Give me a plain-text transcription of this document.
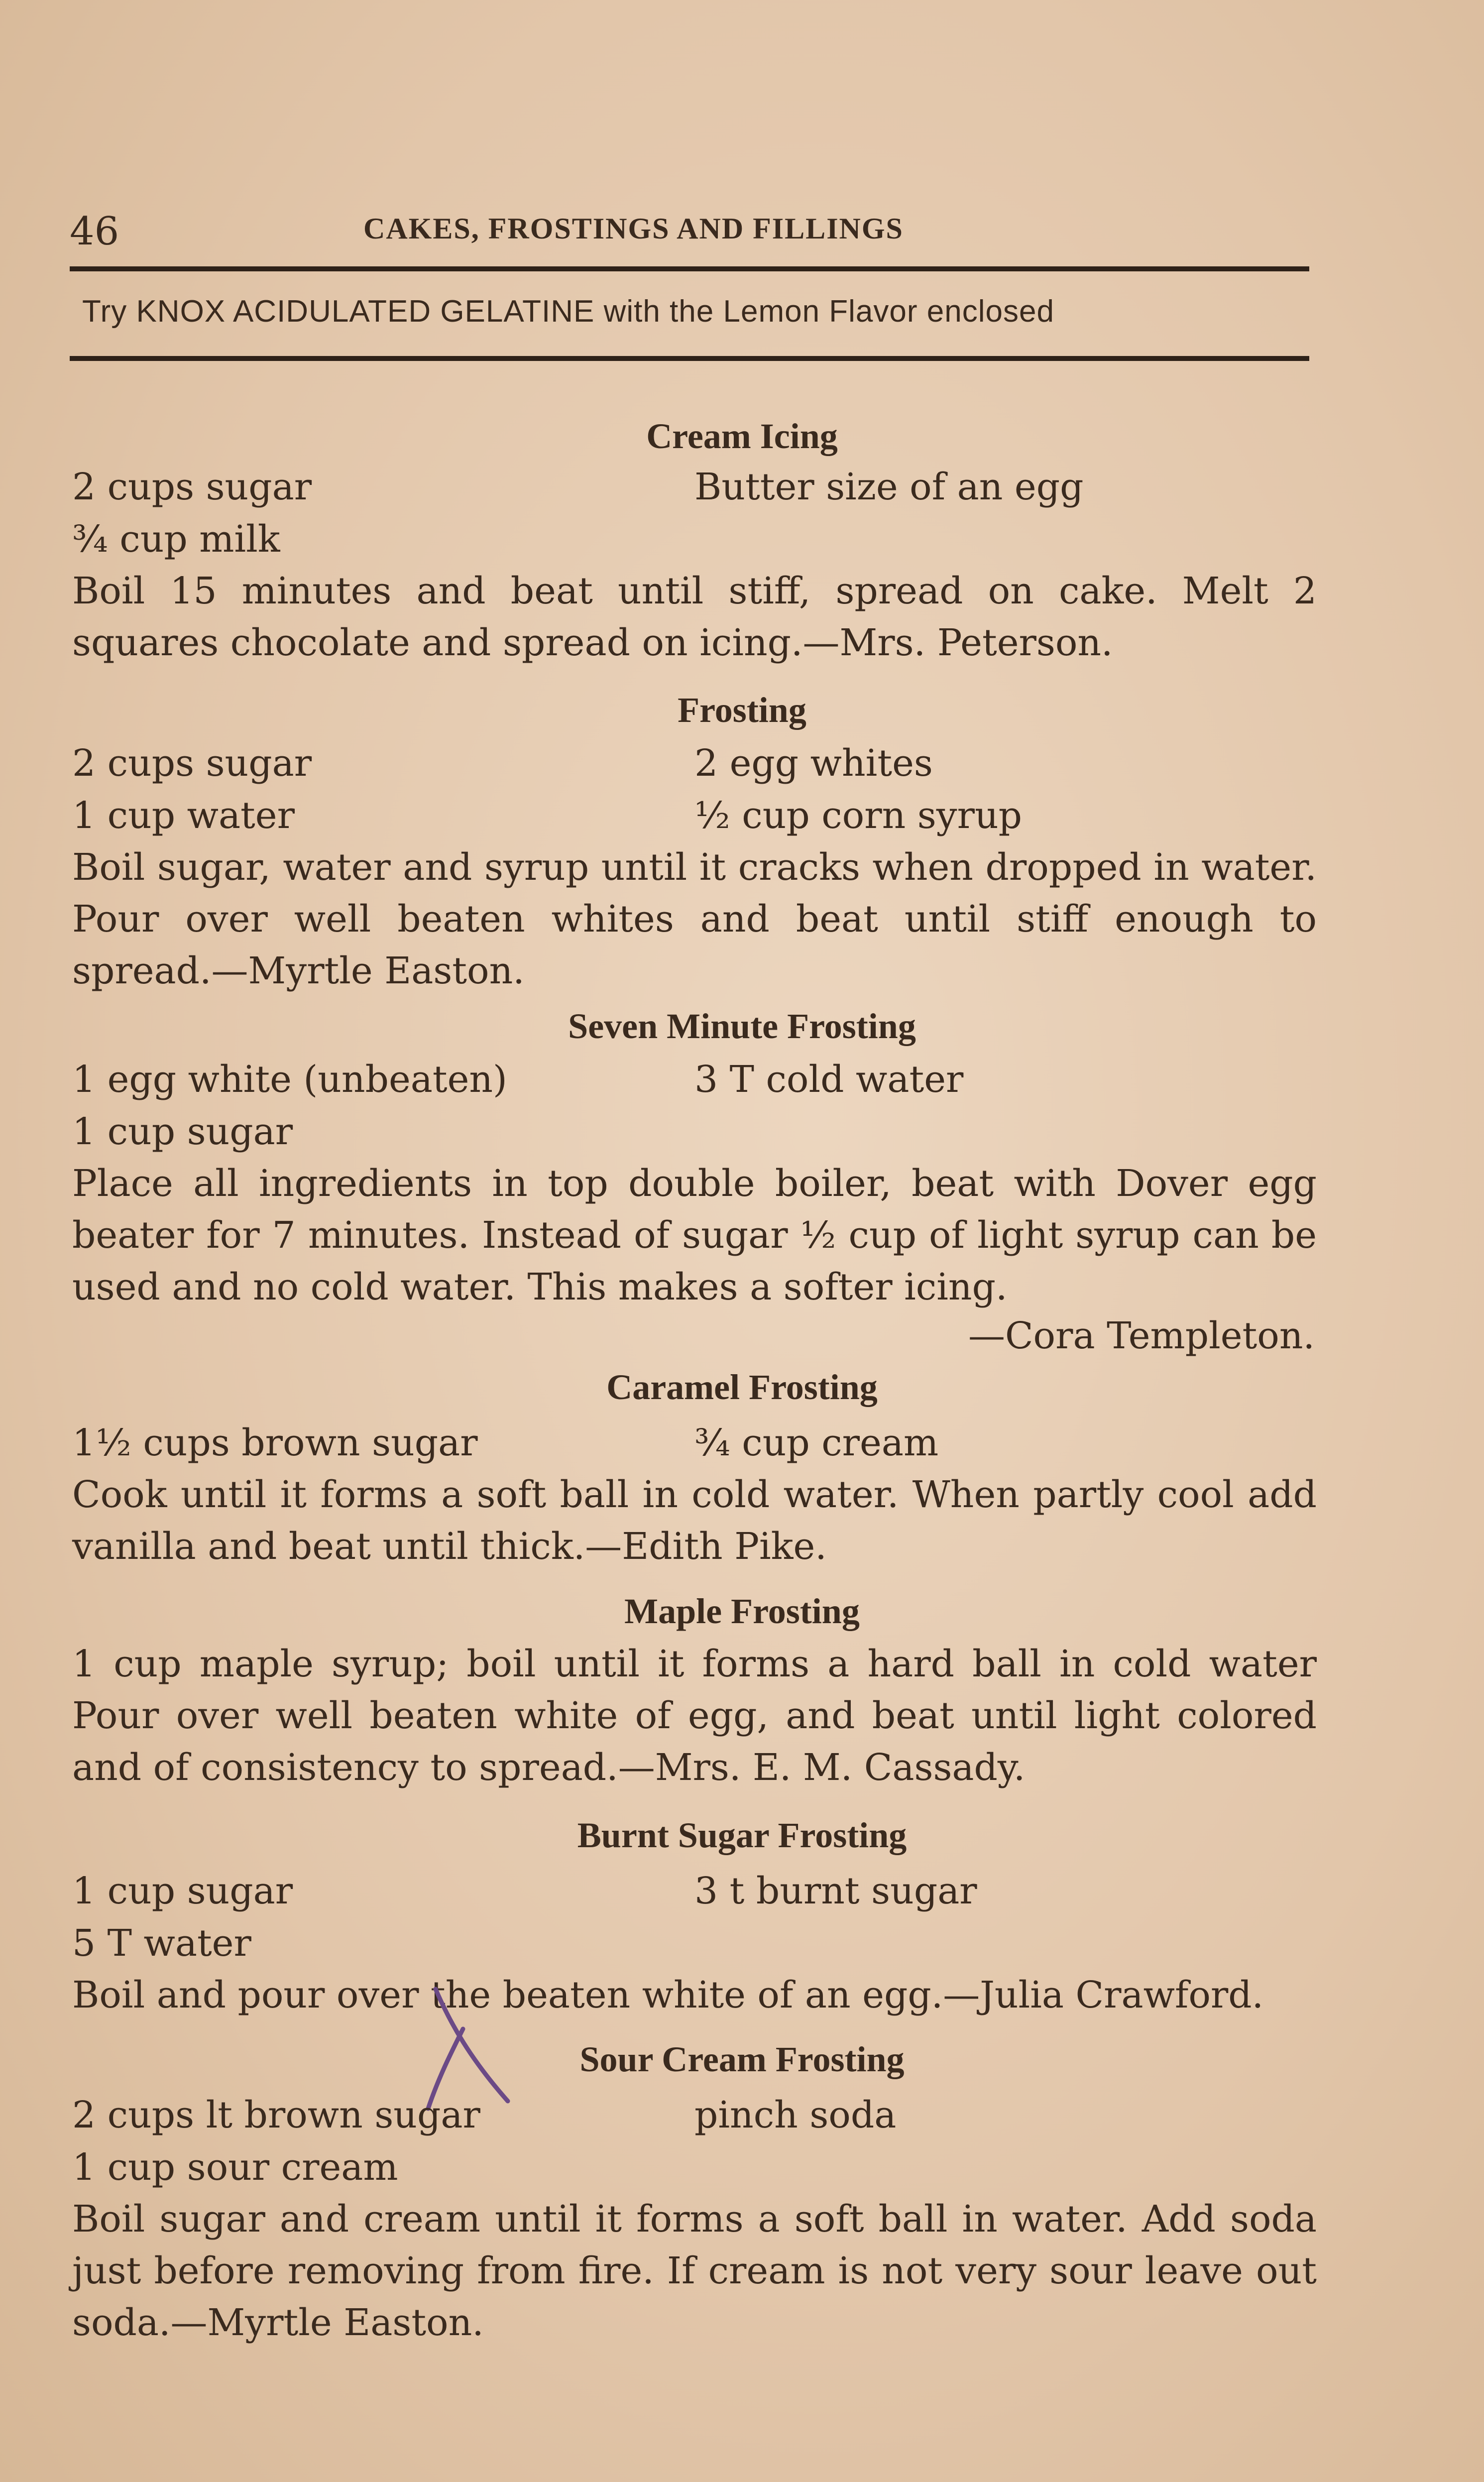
46	CAKES, FROSTINGS AND FILLINGS
Try KNOX ACIDULATED GELATINE with the Lemon Flavor enclosed
Cream Icing
2 cups sugar	Butter size of an egg
¾ cup milk
Boil 15 minutes and beat until stiff, spread on cake. Melt 2 squares chocolate and spread on icing.—Mrs. Peterson.
Frosting
2 cups sugar	2 egg whites
1 cup water	½ cup corn syrup
Boil sugar, water and syrup until it cracks when dropped in water. Pour over well beaten whites and beat until stiff enough to spread.—Myrtle Easton.
Seven Minute Frosting
1 egg white (unbeaten)	3 T cold water
1 cup sugar
Place all ingredients in top double boiler, beat with Dover egg beater for 7 minutes. Instead of sugar ½ cup of light syrup can be used and no cold water. This makes a softer icing.
—Cora Templeton.
Caramel Frosting
1½ cups brown sugar	¾ cup cream
Cook until it forms a soft ball in cold water. When partly cool add vanilla and beat until thick.—Edith Pike.
Maple Frosting
1 cup maple syrup; boil until it forms a hard ball in cold water Pour over well beaten white of egg, and beat until light colored and of consistency to spread.—Mrs. E. M. Cassady.
Burnt Sugar Frosting
1 cup sugar	3 t burnt sugar
5 T water
Boil and pour over the beaten white of an egg.—Julia Crawford.
Sour Cream Frosting
2 cups lt brown sugar	pinch soda
1 cup sour cream
Boil sugar and cream until it forms a soft ball in water. Add soda just before removing from fire. If cream is not very sour leave out soda.—Myrtle Easton.
